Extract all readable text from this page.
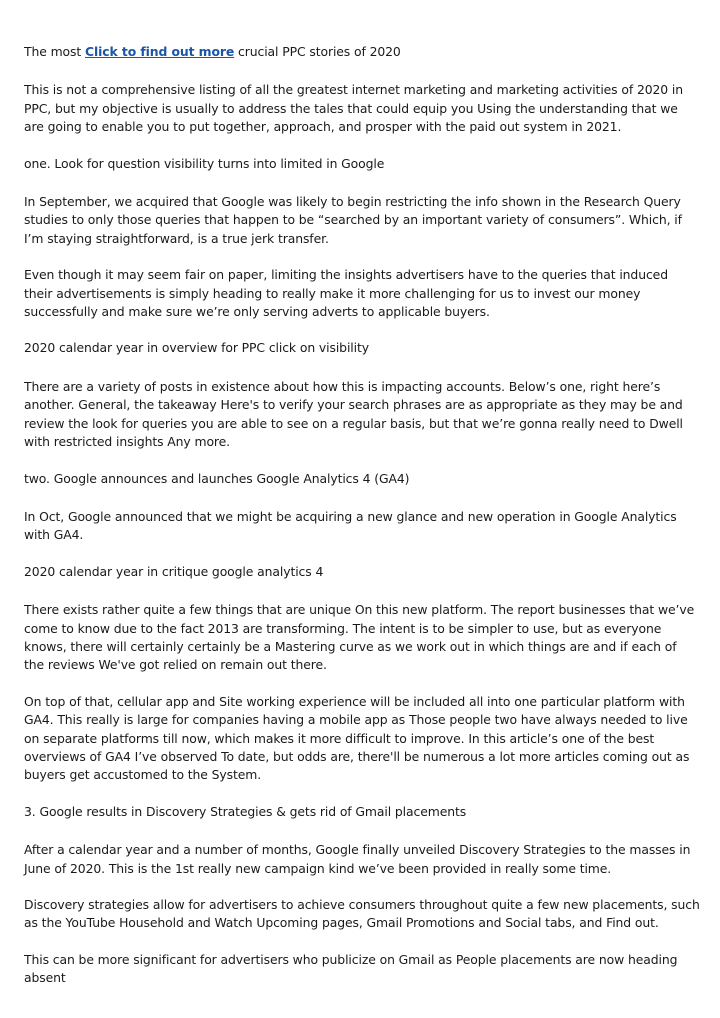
The most Click to find out more crucial PPC stories of 2020

This is not a comprehensive listing of all the greatest internet marketing and marketing activities of 2020 in PPC, but my objective is usually to address the tales that could equip you Using the understanding that we are going to enable you to put together, approach, and prosper with the paid out system in 2021.

one. Look for question visibility turns into limited in Google

In September, we acquired that Google was likely to begin restricting the info shown in the Research Query studies to only those queries that happen to be “searched by an important variety of consumers”. Which, if I’m staying straightforward, is a true jerk transfer.

Even though it may seem fair on paper, limiting the insights advertisers have to the queries that induced their advertisements is simply heading to really make it more challenging for us to invest our money successfully and make sure we’re only serving adverts to applicable buyers.

2020 calendar year in overview for PPC click on visibility

There are a variety of posts in existence about how this is impacting accounts. Below’s one, right here’s another. General, the takeaway Here's to verify your search phrases are as appropriate as they may be and review the look for queries you are able to see on a regular basis, but that we’re gonna really need to Dwell with restricted insights Any more.

two. Google announces and launches Google Analytics 4 (GA4)

In Oct, Google announced that we might be acquiring a new glance and new operation in Google Analytics with GA4.

2020 calendar year in critique google analytics 4

There exists rather quite a few things that are unique On this new platform. The report businesses that we’ve come to know due to the fact 2013 are transforming. The intent is to be simpler to use, but as everyone knows, there will certainly certainly be a Mastering curve as we work out in which things are and if each of the reviews We've got relied on remain out there.

On top of that, cellular app and Site working experience will be included all into one particular platform with GA4. This really is large for companies having a mobile app as Those people two have always needed to live on separate platforms till now, which makes it more difficult to improve. In this article’s one of the best overviews of GA4 I’ve observed To date, but odds are, there'll be numerous a lot more articles coming out as buyers get accustomed to the System.

3. Google results in Discovery Strategies & gets rid of Gmail placements

After a calendar year and a number of months, Google finally unveiled Discovery Strategies to the masses in June of 2020. This is the 1st really new campaign kind we’ve been provided in really some time.

Discovery strategies allow for advertisers to achieve consumers throughout quite a few new placements, such as the YouTube Household and Watch Upcoming pages, Gmail Promotions and Social tabs, and Find out.

This can be more significant for advertisers who publicize on Gmail as People placements are now heading absent
